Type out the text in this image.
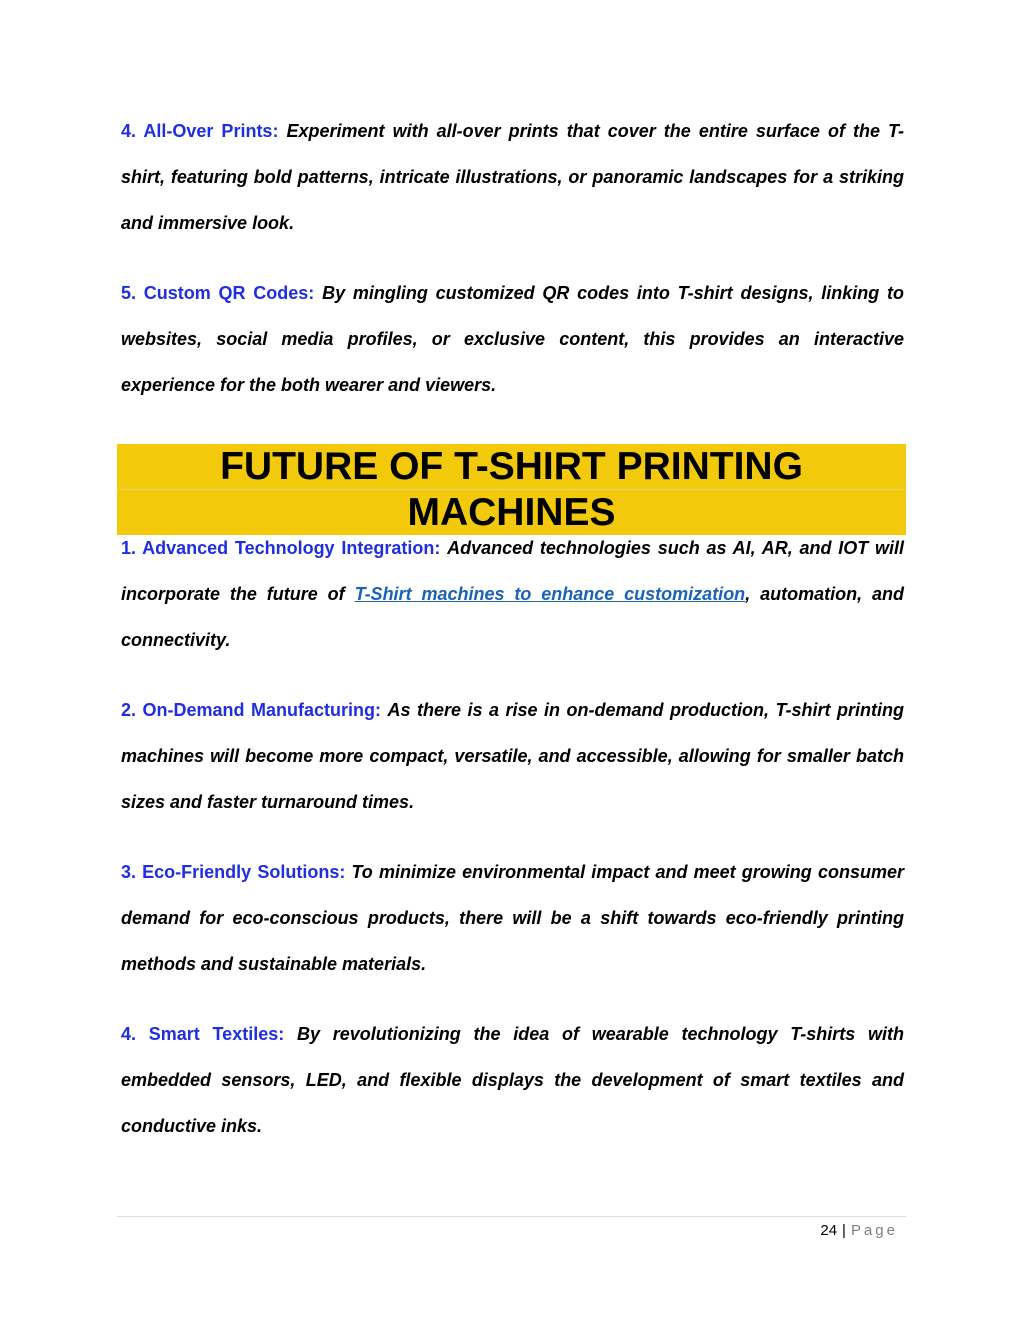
4. All-Over Prints: Experiment with all-over prints that cover the entire surface of the T-shirt, featuring bold patterns, intricate illustrations, or panoramic landscapes for a striking and immersive look.

5. Custom QR Codes: By mingling customized QR codes into T-shirt designs, linking to websites, social media profiles, or exclusive content, this provides an interactive experience for the both wearer and viewers.

FUTURE OF T-SHIRT PRINTING
MACHINES

1. Advanced Technology Integration: Advanced technologies such as AI, AR, and IOT will incorporate the future of T-Shirt machines to enhance customization, automation, and connectivity.

2. On-Demand Manufacturing: As there is a rise in on-demand production, T-shirt printing machines will become more compact, versatile, and accessible, allowing for smaller batch sizes and faster turnaround times.

3. Eco-Friendly Solutions: To minimize environmental impact and meet growing consumer demand for eco-conscious products, there will be a shift towards eco-friendly printing methods and sustainable materials.

4. Smart Textiles: By revolutionizing the idea of wearable technology T-shirts with embedded sensors, LED, and flexible displays the development of smart textiles and conductive inks.

24 | Page
